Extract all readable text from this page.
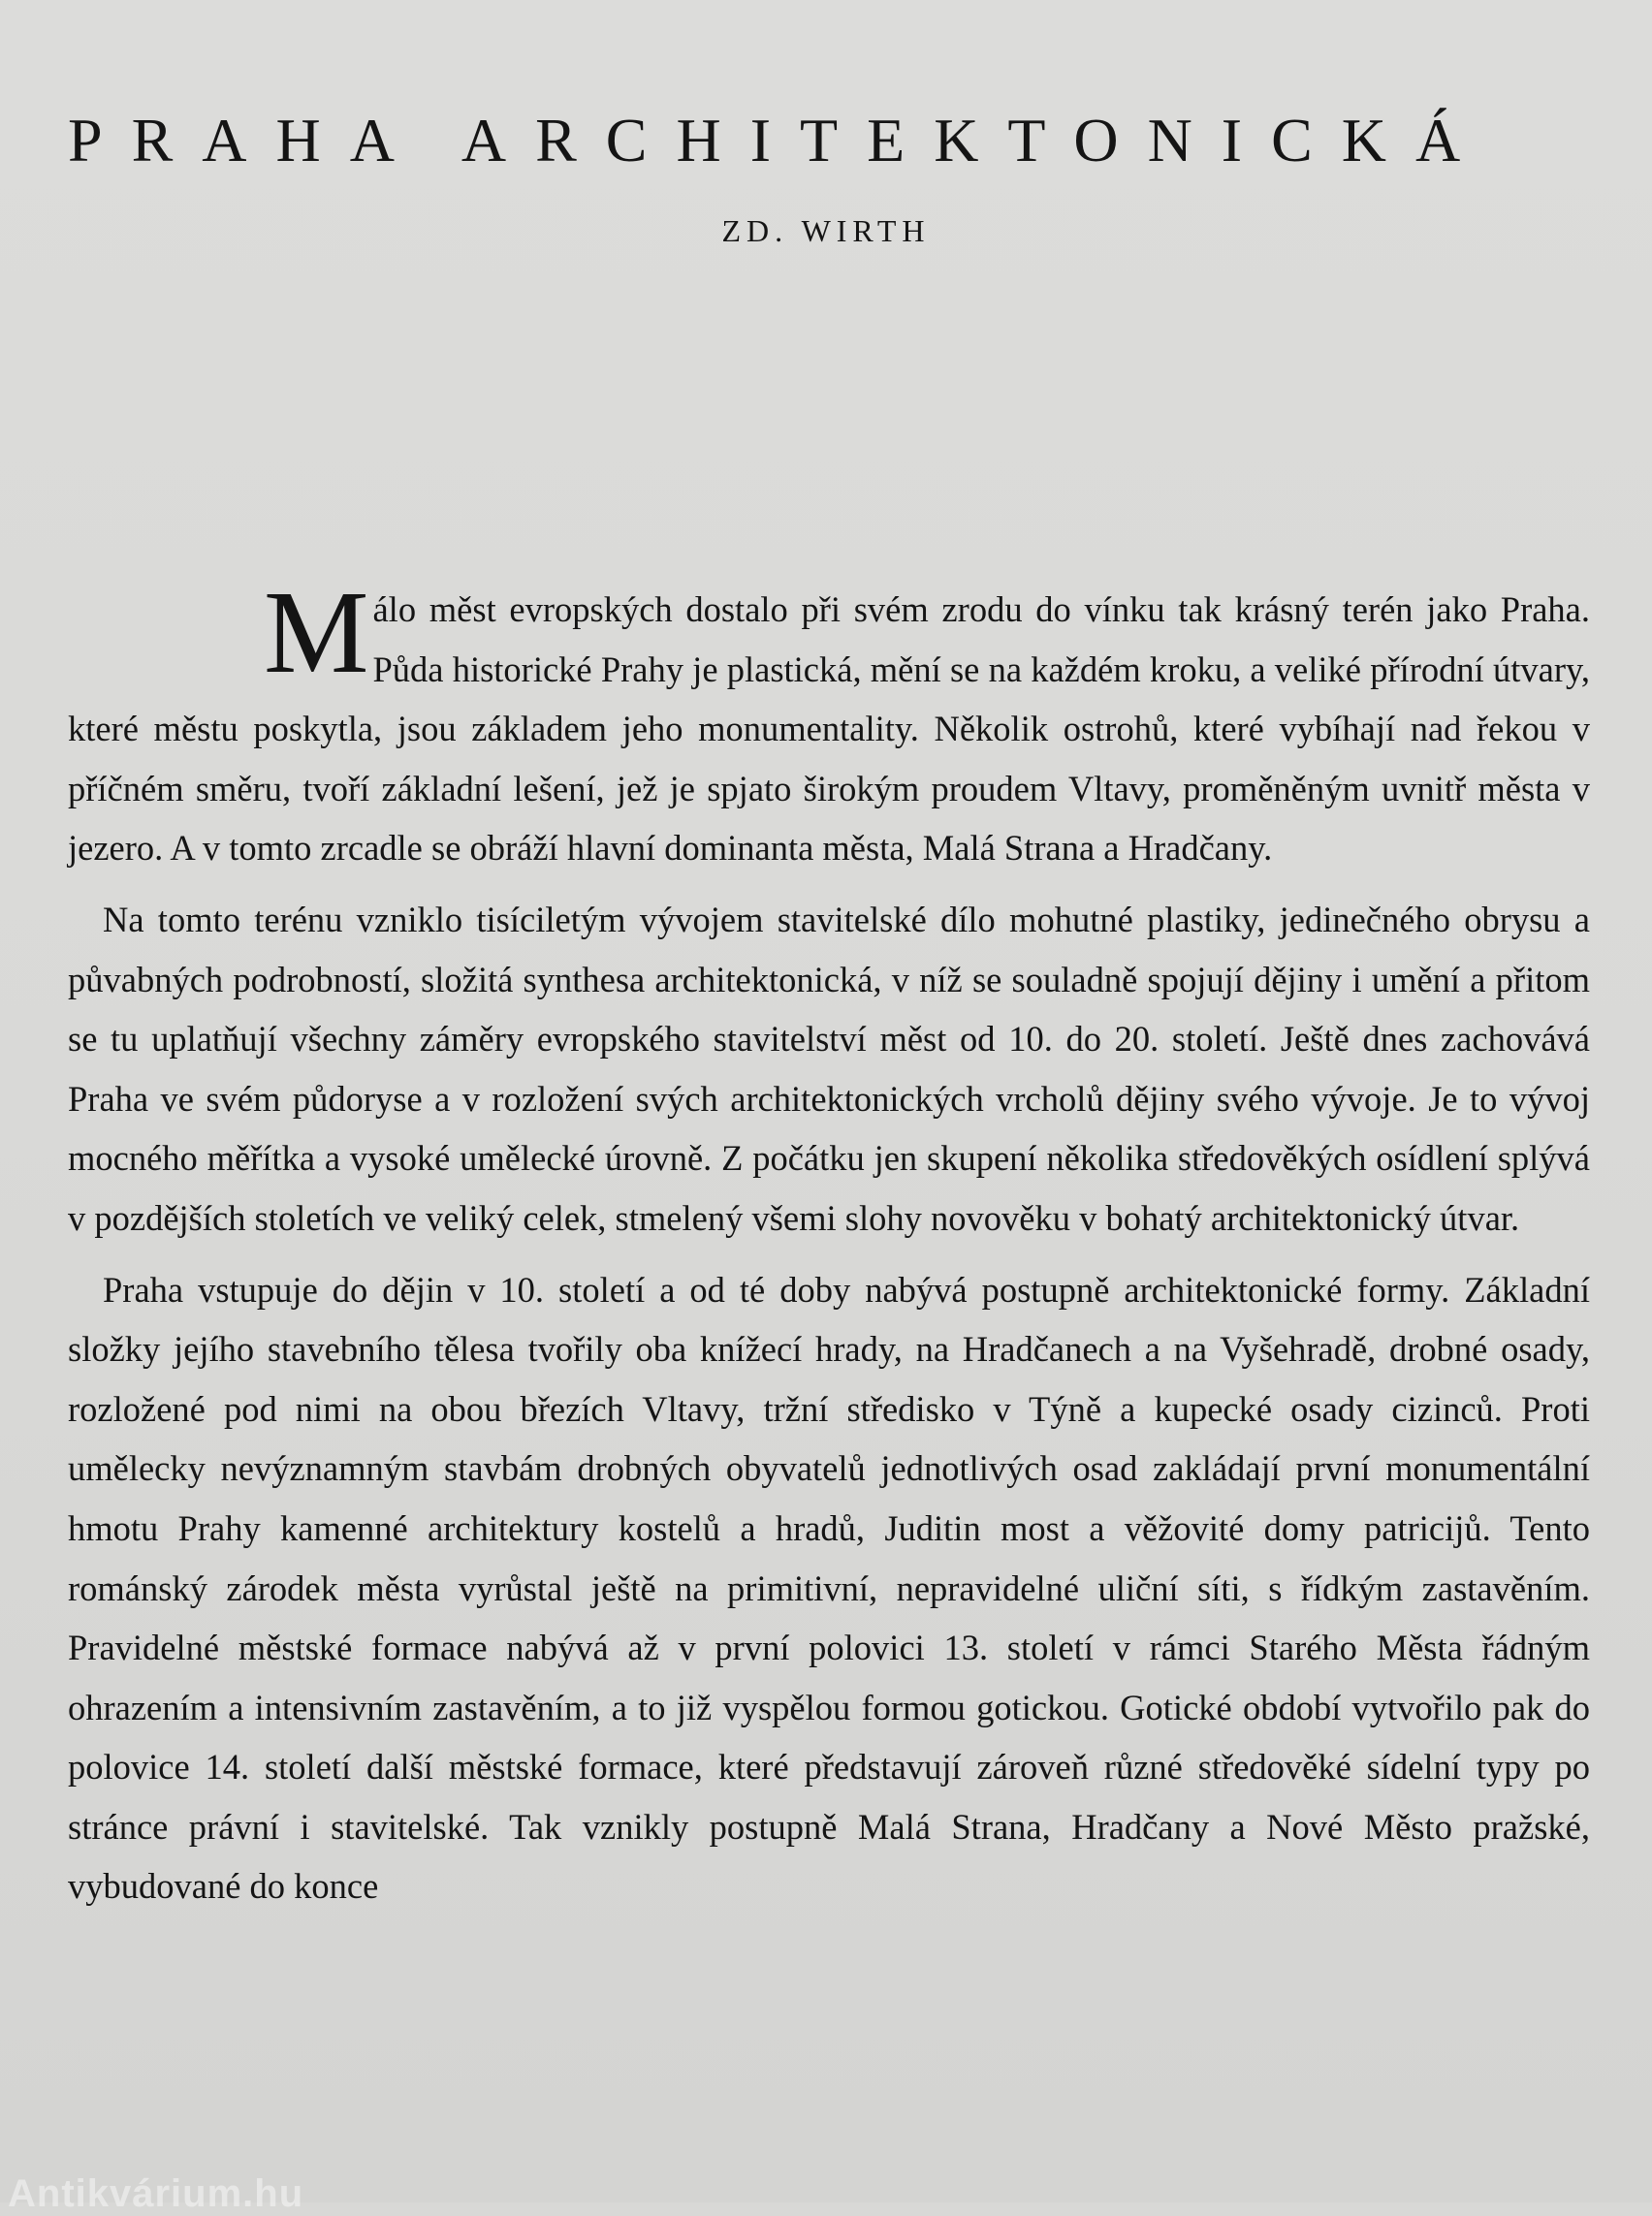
PRAHA ARCHITEKTONICKÁ
ZD. WIRTH

Málo měst evropských dostalo při svém zrodu do vínku tak krásný terén jako Praha. Půda historické Prahy je plastická, mění se na každém kroku, a veliké přírodní útvary, které městu poskytla, jsou základem jeho monumentality. Několik ostrohů, které vybíhají nad řekou v příčném směru, tvoří základní lešení, jež je spjato širokým proudem Vltavy, proměněným uvnitř města v jezero. A v tomto zrcadle se obráží hlavní dominanta města, Malá Strana a Hradčany.

Na tomto terénu vzniklo tisíciletým vývojem stavitelské dílo mohutné plastiky, jedinečného obrysu a půvabných podrobností, složitá synthesa architektonická, v níž se souladně spojují dějiny i umění a přitom se tu uplatňují všechny záměry evropského stavitelství měst od 10. do 20. století. Ještě dnes zachovává Praha ve svém půdoryse a v rozložení svých architektonických vrcholů dějiny svého vývoje. Je to vývoj mocného měřítka a vysoké umělecké úrovně. Z počátku jen skupení několika středověkých osídlení splývá v pozdějších stoletích ve veliký celek, stmelený všemi slohy novověku v bohatý architektonický útvar.

Praha vstupuje do dějin v 10. století a od té doby nabývá postupně architektonické formy. Základní složky jejího stavebního tělesa tvořily oba knížecí hrady, na Hradčanech a na Vyšehradě, drobné osady, rozložené pod nimi na obou březích Vltavy, tržní středisko v Týně a kupecké osady cizinců. Proti umělecky nevýznamným stavbám drobných obyvatelů jednotlivých osad zakládají první monumentální hmotu Prahy kamenné architektury kostelů a hradů, Juditin most a věžovité domy patriciјů. Tento románský zárodek města vyrůstal ještě na primitivní, nepravidelné uliční síti, s řídkým zastavěním. Pravidelné městské formace nabývá až v první polovici 13. století v rámci Starého Města řádným ohrazením a intensivním zastavěním, a to již vyspělou formou gotickou. Gotické období vytvořilo pak do polovice 14. století další městské formace, které představují zároveň různé středověké sídelní typy po stránce právní i stavitelské. Tak vznikly postupně Malá Strana, Hradčany a Nové Město pražské, vybudované do konce

Antikvárium.hu
